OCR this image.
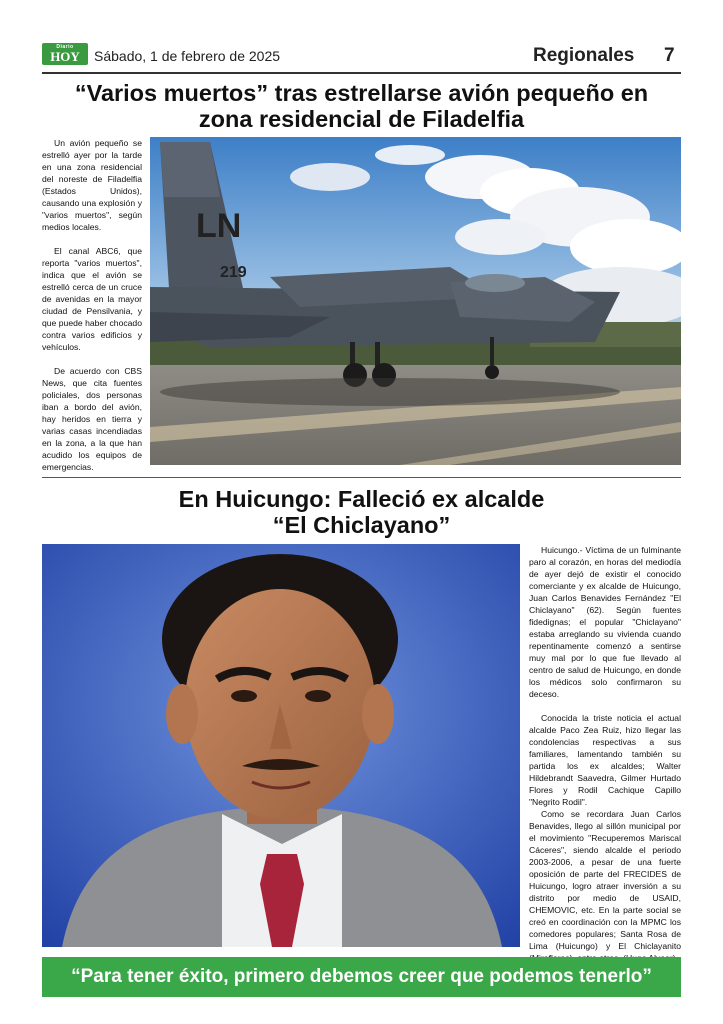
Diario
HOY	Sábado, 1 de febrero de 2025	Regionales 7
“Varios muertos” tras estrellarse avión pequeño en
zona residencial de Filadelfia

Un avión pequeño se estrelló ayer por la tarde en una zona residencial del noreste de Filadelfia (Estados Unidos), causando una explosión y "varios muertos", según medios locales.

El canal ABC6, que reporta "varios muertos", indica que el avión se estrelló cerca de un cruce de avenidas en la mayor ciudad de Pensilvania, y que puede haber chocado contra varios edificios y vehículos.

De acuerdo con CBS News, que cita fuentes policiales, dos personas iban a bordo del avión, hay heridos en tierra y varias casas incendiadas en la zona, a la que han acudido los equipos de emergencias.

LN
219
En Huicungo: Falleció ex alcalde
“El Chiclayano”

Huicungo.- Víctima de un fulminante paro al corazón, en horas del mediodía de ayer dejó de existir el conocido comerciante y ex alcalde de Huicungo, Juan Carlos Benavides Fernández "El Chiclayano" (62). Según fuentes fidedignas; el popular "Chiclayano" estaba arreglando su vivienda cuando repentinamente comenzó a sentirse muy mal por lo que fue llevado al centro de salud de Huicungo, en donde los médicos solo confirmaron su deceso.

Conocida la triste noticia el actual alcalde Paco Zea Ruiz, hizo llegar las condolencias respectivas a sus familiares, lamentando también su partida los ex alcaldes; Walter Hildebrandt Saavedra, Gilmer Hurtado Flores y Rodil Cachique Capillo "Negrito Rodil".

Como se recordara Juan Carlos Benavides, llego al sillón municipal por el movimiento "Recuperemos Mariscal Cáceres", siendo alcalde el periodo 2003-2006, a pesar de una fuerte oposición de parte del FRECIDES de Huicungo, logro atraer inversión a su distrito por medio de USAID, CHEMOVIC, etc. En la parte social se creó en coordinación con la MPMC los comedores populares; Santa Rosa de Lima (Huicungo) y El Chiclayanito

“Para tener éxito, primero debemos creer que podemos tenerlo”
